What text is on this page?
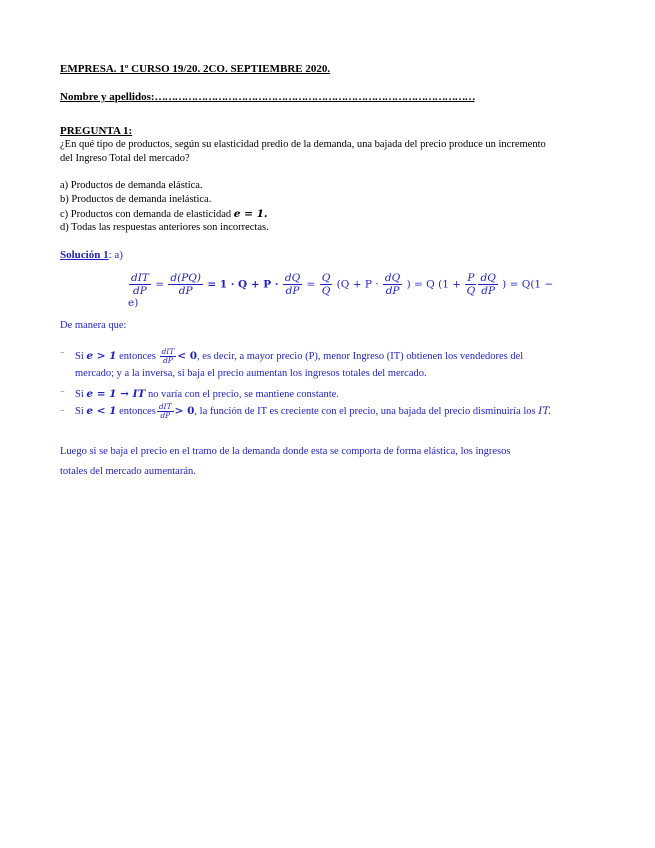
EMPRESA. 1º CURSO 19/20. 2CO. SEPTIEMBRE 2020.
Nombre y apellidos:……………………………………………………………………………………
PREGUNTA 1:
¿En qué tipo de productos, según su elasticidad predio de la demanda, una bajada del precio produce un incremento
del Ingreso Total del mercado?
a) Productos de demanda elástica.
b) Productos de demanda inelástica.
c) Productos con demanda de elasticidad e = 1.
d) Todas las respuestas anteriores son incorrectas.
Solución 1: a)
$\frac{\text{dIT}}{dP} = \frac{d(PQ)}{dP} = 1 \cdot Q + P \cdot \frac{dQ}{dP} = \frac{Q}{Q} (Q + P \cdot \frac{dQ}{dP}$ ) = Q ($1 + \frac{P}{Q} \frac{dQ}{dP}$ ) = Q(1 − e)
De manera que:
⁻ Si e > 1 entonces $\frac{\text{dIT}}{dP} < 0$, es decir, a mayor precio (P), menor Ingreso (IT) obtienen los vendedores del
mercado; y a la inversa, si baja el precio aumentan los ingresos totales del mercado.
⁻ Si e = 1 → IT no varía con el precio, se mantiene constante.
⁻ Si e < 1 entonces $\frac{\text{dIT}}{dP} > 0$, la función de IT es creciente con el precio, una bajada del precio disminuiría los IT.
Luego si se baja el precio en el tramo de la demanda donde esta se comporta de forma elástica, los ingresos
totales del mercado aumentarán.
